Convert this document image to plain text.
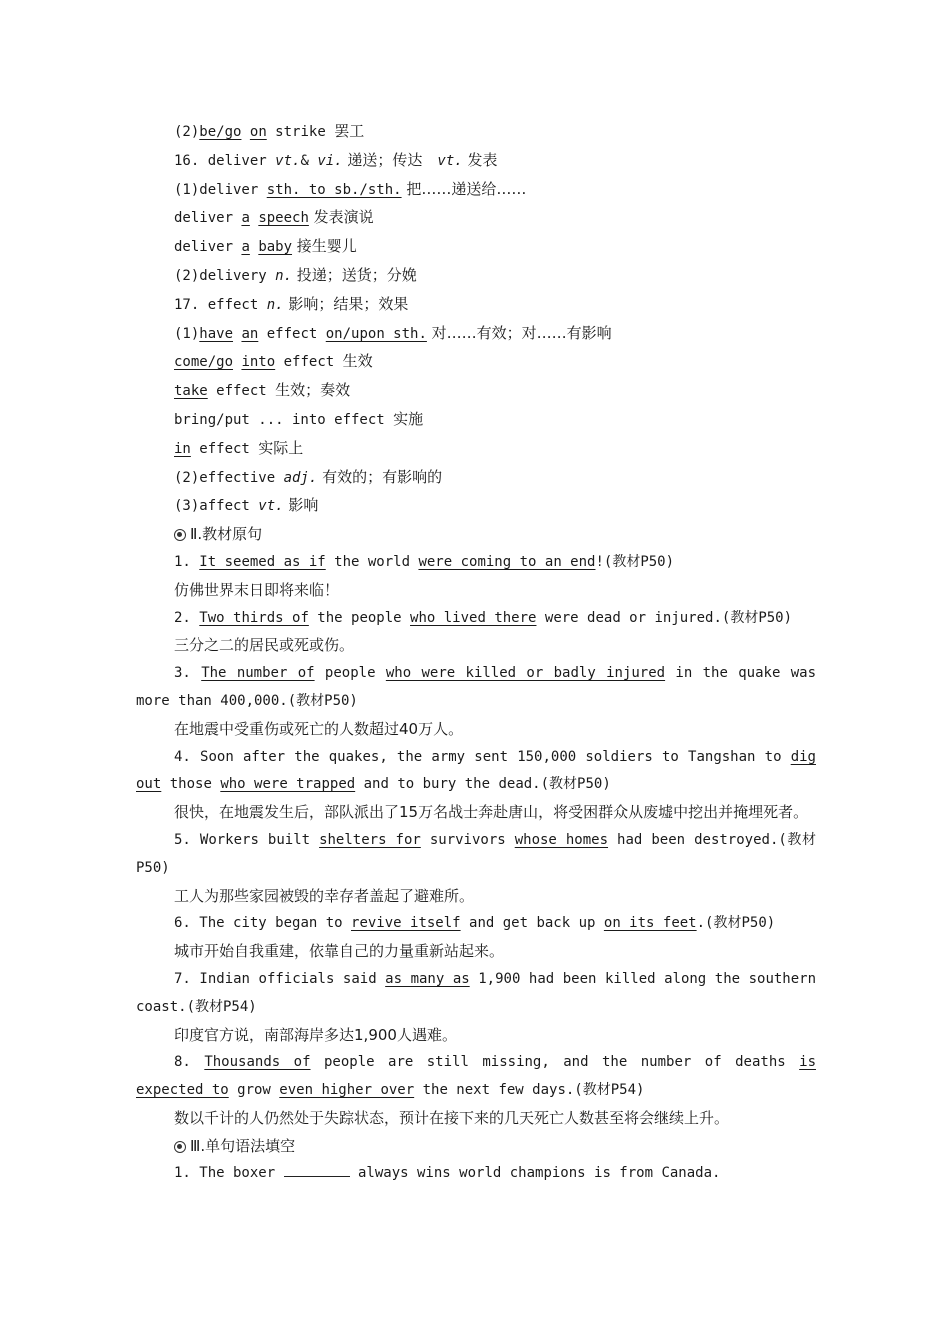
(2)be/go on strike 罢工
16. deliver vt.& vi. 递送；传达　vt. 发表
(1)deliver sth. to sb./sth. 把……递送给……
deliver a speech 发表演说
deliver a baby 接生婴儿
(2)delivery n. 投递；送货；分娩
17. effect n. 影响；结果；效果
(1)have an effect on/upon sth. 对……有效；对……有影响
come/go into effect 生效
take effect 生效；奏效
bring/put ... into effect 实施
in effect 实际上
(2)effective adj. 有效的；有影响的
(3)affect vt. 影响
Ⅱ.教材原句
1. It seemed as if the world were coming to an end!(教材P50)
仿佛世界末日即将来临！
2. Two thirds of the people who lived there were dead or injured.(教材P50)
三分之二的居民或死或伤。
3. The number of people who were killed or badly injured in the quake was more than 400,000.(教材P50)
在地震中受重伤或死亡的人数超过40万人。
4. Soon after the quakes, the army sent 150,000 soldiers to Tangshan to dig out those who were trapped and to bury the dead.(教材P50)
很快，在地震发生后，部队派出了15万名战士奔赴唐山，将受困群众从废墟中挖出并掩埋死者。
5. Workers built shelters for survivors whose homes had been destroyed.(教材P50)
工人为那些家园被毁的幸存者盖起了避难所。
6. The city began to revive itself and get back up on its feet.(教材P50)
城市开始自我重建，依靠自己的力量重新站起来。
7. Indian officials said as many as 1,900 had been killed along the southern coast.(教材P54)
印度官方说，南部海岸多达1,900人遇难。
8. Thousands of people are still missing, and the number of deaths is expected to grow even higher over the next few days.(教材P54)
数以千计的人仍然处于失踪状态，预计在接下来的几天死亡人数甚至将会继续上升。
Ⅲ.单句语法填空
1. The boxer	always wins world champions is from Canada.
